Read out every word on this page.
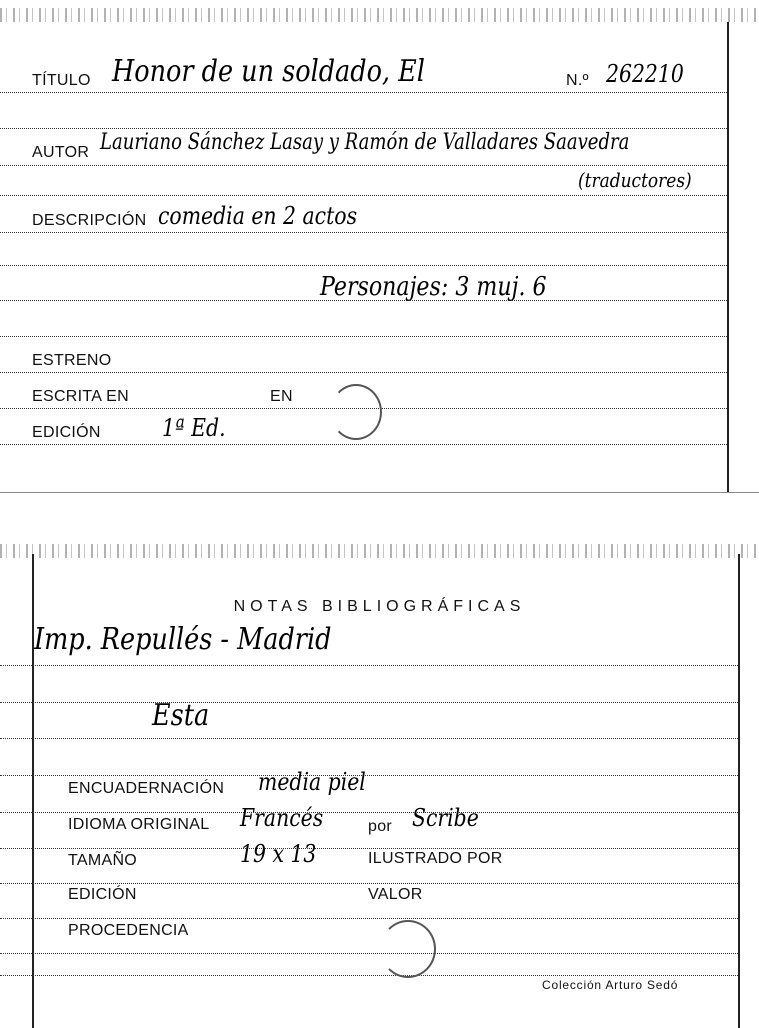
TÍTULO Honor de un soldado, El	N.º 262210
AUTOR Lauriano Sánchez Lasay y Ramón de Valladares Saavedra
(traductores)
DESCRIPCIÓN comedia en 2 actos
Personajes: 3 muj. 6
ESTRENO
ESCRITA EN	EN
EDICIÓN	1ª Ed.
NOTAS BIBLIOGRÁFICAS
Imp. Repullés - Madrid
Esta
ENCUADERNACIÓN media piel
IDIOMA ORIGINAL Francés	por Scribe
TAMAÑO	19 x 13	ILUSTRADO POR
EDICIÓN	VALOR
PROCEDENCIA
Colección Arturo Sedó
